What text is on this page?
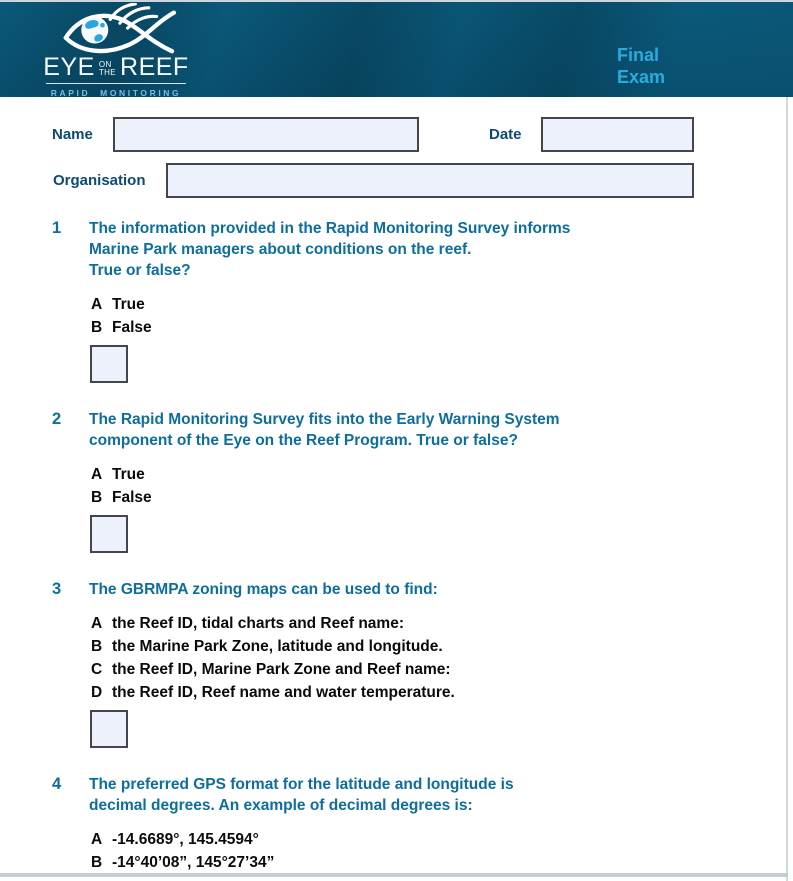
EYE ON
THE REEF
RAPID MONITORING
Final
Exam
Name	Date
Organisation
1	The information provided in the Rapid Monitoring Survey informs
Marine Park managers about conditions on the reef.
True or false?
A True
B False
2	The Rapid Monitoring Survey fits into the Early Warning System
component of the Eye on the Reef Program. True or false?
A True
B False
3	The GBRMPA zoning maps can be used to find:
A the Reef ID, tidal charts and Reef name:
B the Marine Park Zone, latitude and longitude.
C the Reef ID, Marine Park Zone and Reef name:
D the Reef ID, Reef name and water temperature.
4	The preferred GPS format for the latitude and longitude is
decimal degrees. An example of decimal degrees is:
A -14.6689°, 145.4594°
B -14°40’08”, 145°27’34”
